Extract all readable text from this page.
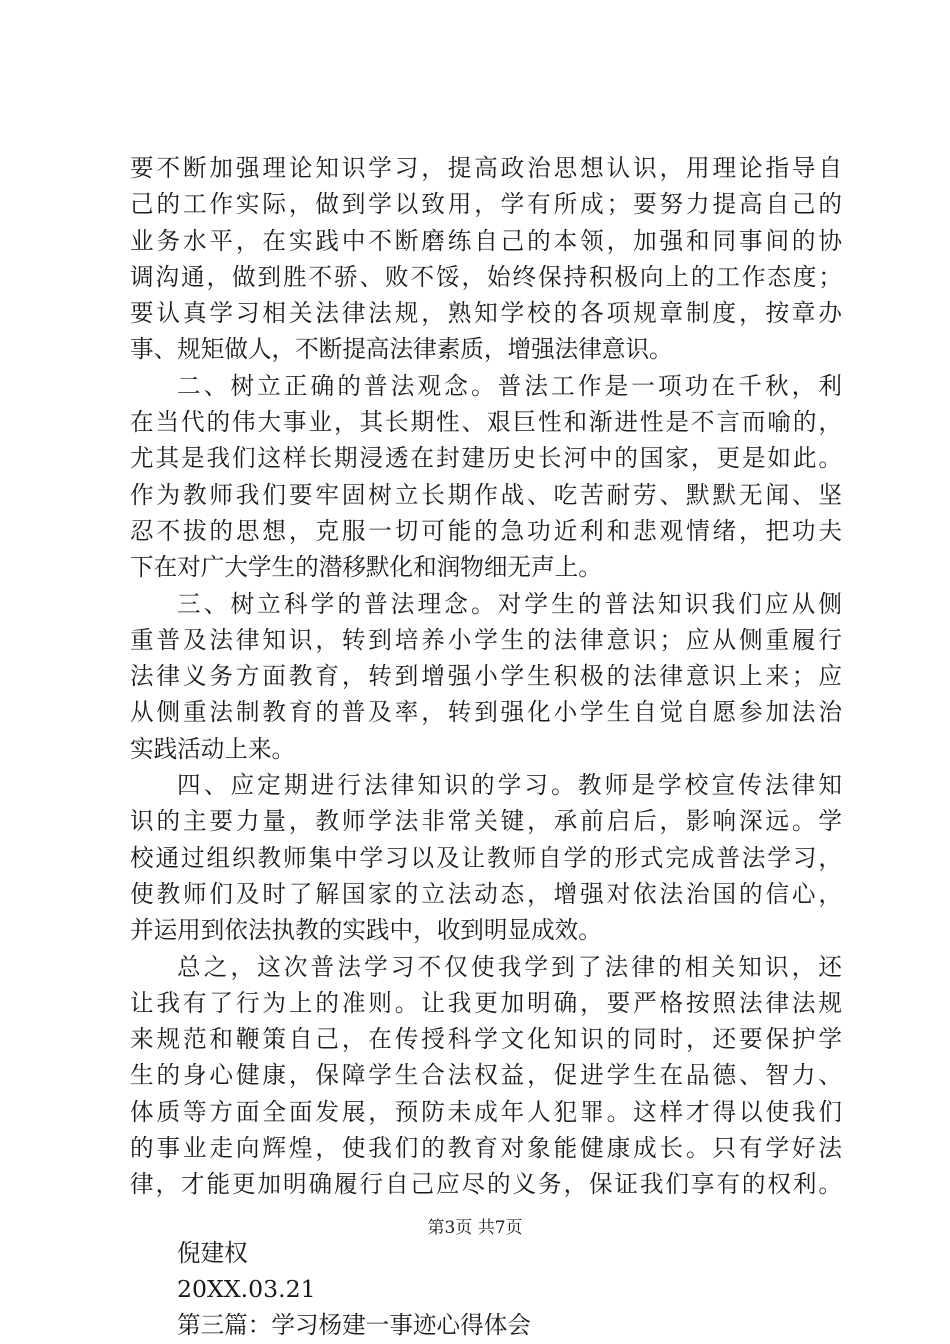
要不断加强理论知识学习，提高政治思想认识，用理论指导自
己的工作实际，做到学以致用，学有所成；要努力提高自己的
业务水平，在实践中不断磨练自己的本领，加强和同事间的协
调沟通，做到胜不骄、败不馁，始终保持积极向上的工作态度；
要认真学习相关法律法规，熟知学校的各项规章制度，按章办
事、规矩做人，不断提高法律素质，增强法律意识。
二、树立正确的普法观念。普法工作是一项功在千秋，利
在当代的伟大事业，其长期性、艰巨性和渐进性是不言而喻的，
尤其是我们这样长期浸透在封建历史长河中的国家，更是如此。
作为教师我们要牢固树立长期作战、吃苦耐劳、默默无闻、坚
忍不拔的思想，克服一切可能的急功近利和悲观情绪，把功夫
下在对广大学生的潜移默化和润物细无声上。
三、树立科学的普法理念。对学生的普法知识我们应从侧
重普及法律知识，转到培养小学生的法律意识；应从侧重履行
法律义务方面教育，转到增强小学生积极的法律意识上来；应
从侧重法制教育的普及率，转到强化小学生自觉自愿参加法治
实践活动上来。
四、应定期进行法律知识的学习。教师是学校宣传法律知
识的主要力量，教师学法非常关键，承前启后，影响深远。学
校通过组织教师集中学习以及让教师自学的形式完成普法学习，
使教师们及时了解国家的立法动态，增强对依法治国的信心，
并运用到依法执教的实践中，收到明显成效。
总之，这次普法学习不仅使我学到了法律的相关知识，还
让我有了行为上的准则。让我更加明确，要严格按照法律法规
来规范和鞭策自己，在传授科学文化知识的同时，还要保护学
生的身心健康，保障学生合法权益，促进学生在品德、智力、
体质等方面全面发展，预防未成年人犯罪。这样才得以使我们
的事业走向辉煌，使我们的教育对象能健康成长。只有学好法
律，才能更加明确履行自己应尽的义务，保证我们享有的权利。
倪建权
20XX.03.21
第三篇：学习杨建一事迹心得体会
第3页 共7页
